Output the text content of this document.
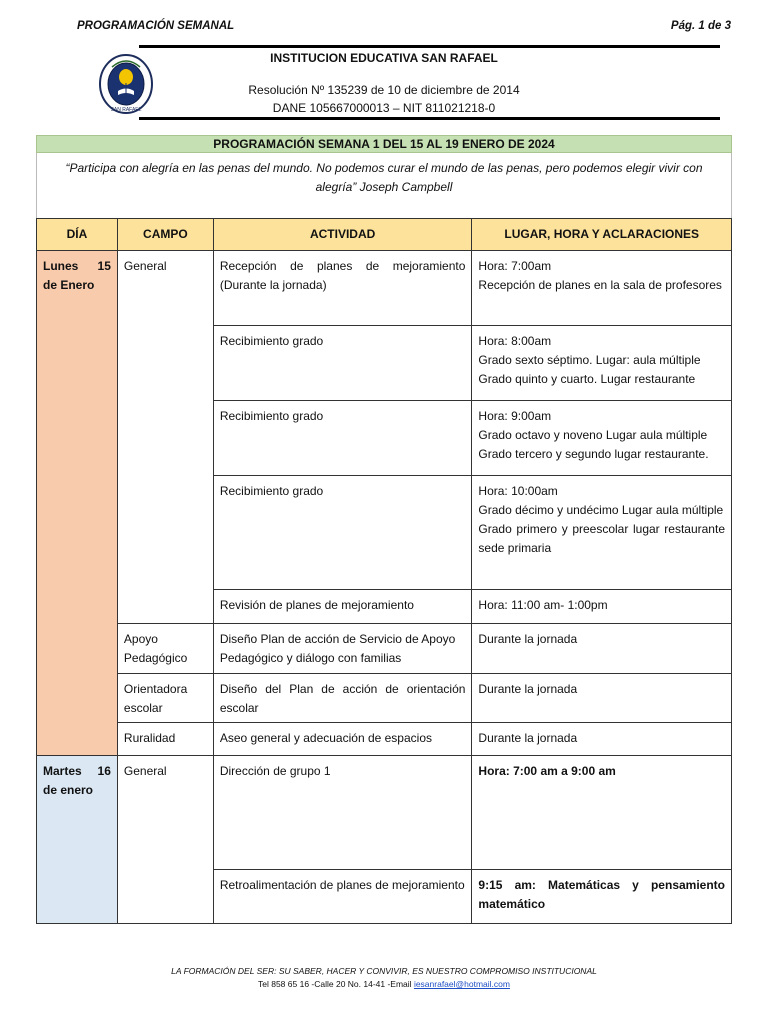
PROGRAMACIÓN SEMANAL	Pág. 1 de 3
SAN RAFAEL
INSTITUCION EDUCATIVA SAN RAFAEL
Resolución Nº 135239 de 10 de diciembre de 2014
DANE 105667000013 – NIT 811021218-0
PROGRAMACIÓN SEMANA 1 DEL 15 AL 19 ENERO DE 2024
“Participa con alegría en las penas del mundo. No podemos curar el mundo de las penas, pero podemos elegir vivir con alegría” Joseph Campbell
DÍA	CAMPO	ACTIVIDAD	LUGAR, HORA Y ACLARACIONES

Lunes 15 de Enero	General	Recepción de planes de mejoramiento (Durante la jornada)	Hora: 7:00am
Recepción de planes en la sala de profesores

		Recibimiento grado	Hora: 8:00am
Grado sexto séptimo. Lugar: aula múltiple
Grado quinto y cuarto. Lugar restaurante

		Recibimiento grado	Hora: 9:00am
Grado octavo y noveno Lugar aula múltiple
Grado tercero y segundo lugar restaurante.

		Recibimiento grado	Hora: 10:00am
Grado décimo y undécimo Lugar aula múltiple
Grado primero y preescolar lugar restaurante sede primaria

		Revisión de planes de mejoramiento	Hora: 11:00 am- 1:00pm
	Apoyo Pedagógico	Diseño Plan de acción de Servicio de Apoyo Pedagógico y diálogo con familias	Durante la jornada
	Orientadora escolar	Diseño del Plan de acción de orientación escolar	Durante la jornada
	Ruralidad	Aseo general y adecuación de espacios	Durante la jornada

Martes 16 de enero	General	Dirección de grupo 1	Hora: 7:00 am a 9:00 am
		Retroalimentación de planes de mejoramiento	9:15 am: Matemáticas y pensamiento matemático
LA FORMACIÓN DEL SER: SU SABER, HACER Y CONVIVIR, ES NUESTRO COMPROMISO INSTITUCIONAL
Tel 858 65 16 -Calle 20 No. 14-41 -Email iesanrafael@hotmail.com
